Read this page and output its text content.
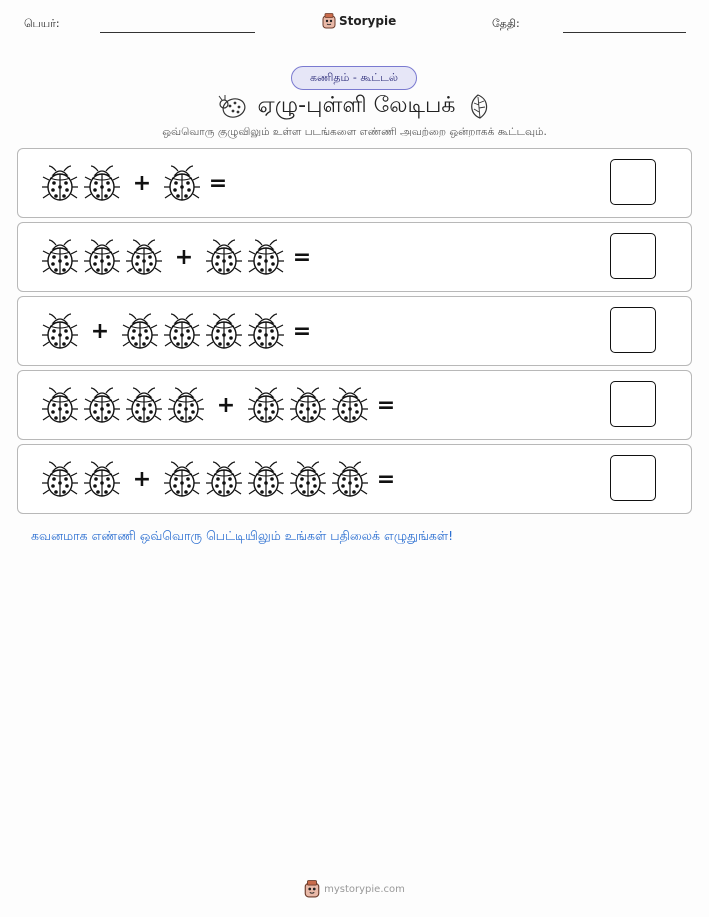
பெயர்:	Storypie	தேதி:
கணிதம் - கூட்டல்
ஏழு-புள்ளி லேடிபக்
ஒவ்வொரு குழுவிலும் உள்ள படங்களை எண்ணி அவற்றை ஒன்றாகக் கூட்டவும்.
+	=
+	=
+	=
+	=
+	=
கவனமாக எண்ணி ஒவ்வொரு பெட்டியிலும் உங்கள் பதிலைக் எழுதுங்கள்!
mystorypie.com
